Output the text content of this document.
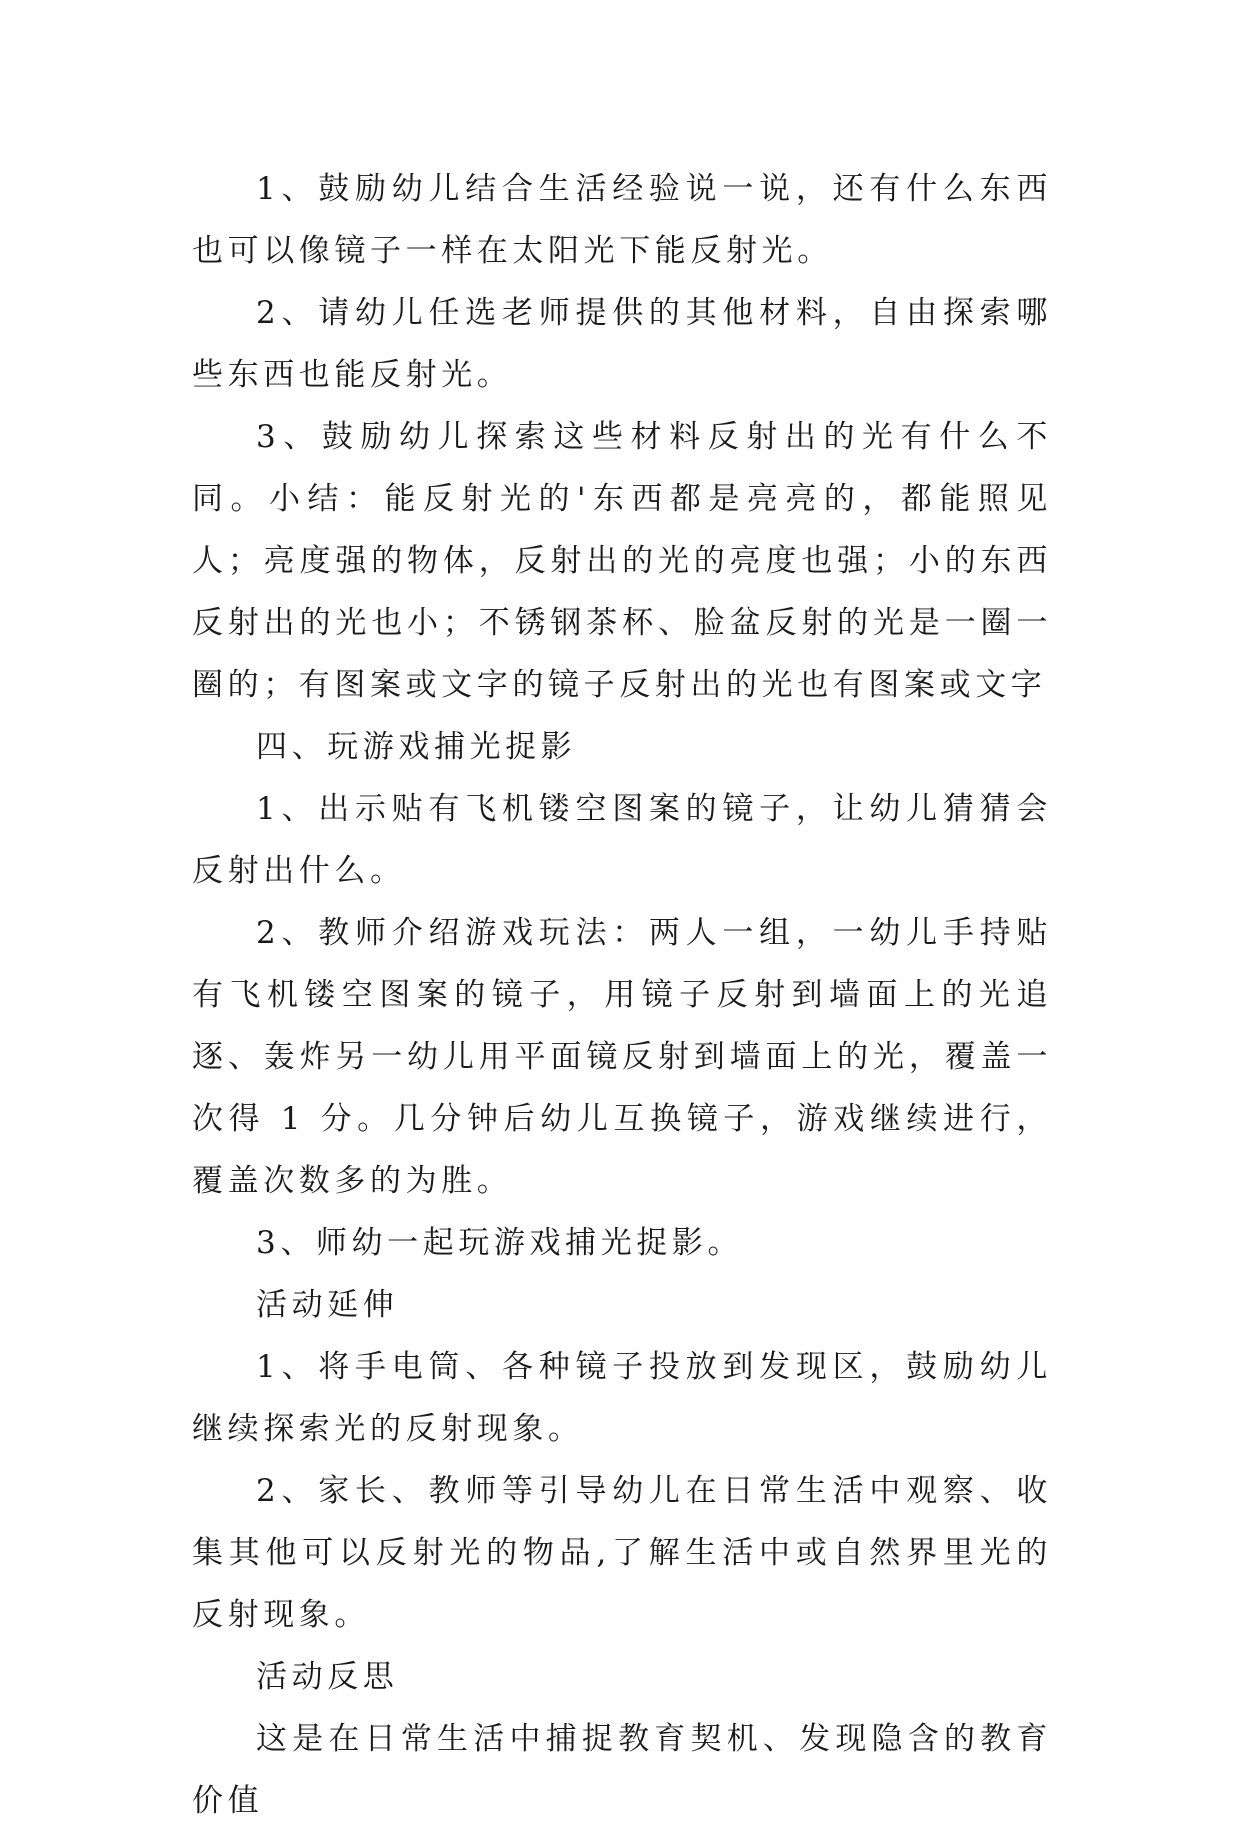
1、鼓励幼儿结合生活经验说一说，还有什么东西也可以像镜子一样在太阳光下能反射光。

2、请幼儿任选老师提供的其他材料，自由探索哪些东西也能反射光。

3、鼓励幼儿探索这些材料反射出的光有什么不同。小结：能反射光的'东西都是亮亮的，都能照见人；亮度强的物体，反射出的光的亮度也强；小的东西反射出的光也小；不锈钢茶杯、脸盆反射的光是一圈一圈的；有图案或文字的镜子反射出的光也有图案或文字

四、玩游戏捕光捉影

1、出示贴有飞机镂空图案的镜子，让幼儿猜猜会反射出什么。

2、教师介绍游戏玩法：两人一组，一幼儿手持贴有飞机镂空图案的镜子，用镜子反射到墙面上的光追逐、轰炸另一幼儿用平面镜反射到墙面上的光，覆盖一次得 1 分。几分钟后幼儿互换镜子，游戏继续进行，覆盖次数多的为胜。

3、师幼一起玩游戏捕光捉影。

活动延伸

1、将手电筒、各种镜子投放到发现区，鼓励幼儿继续探索光的反射现象。

2、家长、教师等引导幼儿在日常生活中观察、收集其他可以反射光的物品,了解生活中或自然界里光的反射现象。

活动反思

这是在日常生活中捕捉教育契机、发现隐含的教育价值
